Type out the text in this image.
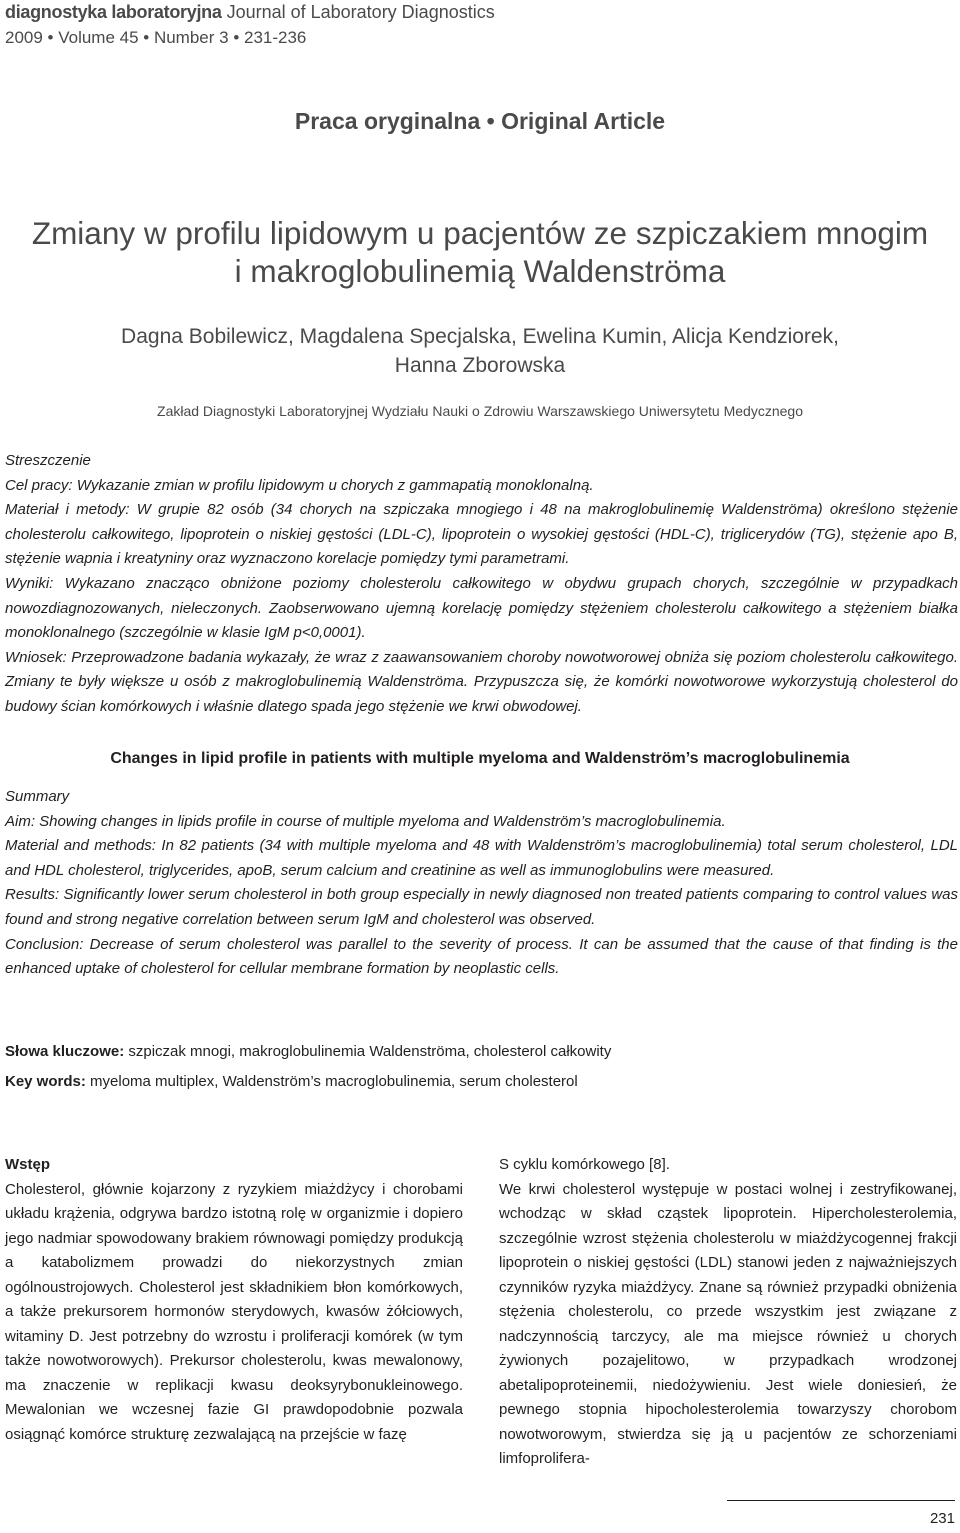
diagnostyka laboratoryjna Journal of Laboratory Diagnostics
2009 • Volume 45 • Number 3 • 231-236
Praca oryginalna • Original Article
Zmiany w profilu lipidowym u pacjentów ze szpiczakiem mnogim
i makroglobulinemią Waldenströma
Dagna Bobilewicz, Magdalena Specjalska, Ewelina Kumin, Alicja Kendziorek,
Hanna Zborowska
Zakład Diagnostyki Laboratoryjnej Wydziału Nauki o Zdrowiu Warszawskiego Uniwersytetu Medycznego

Streszczenie

Cel pracy: Wykazanie zmian w profilu lipidowym u chorych z gammapatią monoklonalną.

Materiał i metody: W grupie 82 osób (34 chorych na szpiczaka mnogiego i 48 na makroglobulinemię Waldenströma) określono stężenie cholesterolu całkowitego, lipoprotein o niskiej gęstości (LDL-C), lipoprotein o wysokiej gęstości (HDL-C), triglicerydów (TG), stężenie apo B, stężenie wapnia i kreatyniny oraz wyznaczono korelacje pomiędzy tymi parametrami.

Wyniki: Wykazano znacząco obniżone poziomy cholesterolu całkowitego w obydwu grupach chorych, szczególnie w przypadkach nowozdiagnozowanych, nieleczonych. Zaobserwowano ujemną korelację pomiędzy stężeniem cholesterolu całkowitego a stężeniem białka monoklonalnego (szczególnie w klasie IgM p<0,0001).

Wniosek: Przeprowadzone badania wykazały, że wraz z zaawansowaniem choroby nowotworowej obniża się poziom cholesterolu całkowitego. Zmiany te były większe u osób z makroglobulinemią Waldenströma. Przypuszcza się, że komórki nowotworowe wykorzystują cholesterol do budowy ścian komórkowych i właśnie dlatego spada jego stężenie we krwi obwodowej.

Changes in lipid profile in patients with multiple myeloma and Waldenström’s macroglobulinemia

Summary

Aim: Showing changes in lipids profile in course of multiple myeloma and Waldenström’s macroglobulinemia.

Material and methods: In 82 patients (34 with multiple myeloma and 48 with Waldenström’s macroglobulinemia) total serum cholesterol, LDL and HDL cholesterol, triglycerides, apoB, serum calcium and creatinine as well as immunoglobulins were measured.

Results: Significantly lower serum cholesterol in both group especially in newly diagnosed non treated patients comparing to control values was found and strong negative correlation between serum IgM and cholesterol was observed.

Conclusion: Decrease of serum cholesterol was parallel to the severity of process. It can be assumed that the cause of that finding is the enhanced uptake of cholesterol for cellular membrane formation by neoplastic cells.

Słowa kluczowe: szpiczak mnogi, makroglobulinemia Waldenströma, cholesterol całkowity
Key words: myeloma multiplex, Waldenström’s macroglobulinemia, serum cholesterol
Wstęp

Cholesterol, głównie kojarzony z ryzykiem miażdżycy i chorobami układu krążenia, odgrywa bardzo istotną rolę w organizmie i dopiero jego nadmiar spowodowany brakiem równowagi pomiędzy produkcją a katabolizmem prowadzi do niekorzystnych zmian ogólnoustrojowych. Cholesterol jest składnikiem błon komórkowych, a także prekursorem hormonów sterydowych, kwasów żółciowych, witaminy D. Jest potrzebny do wzrostu i proliferacji komórek (w tym także nowotworowych). Prekursor cholesterolu, kwas mewalonowy, ma znaczenie w replikacji kwasu deoksyrybonukleinowego. Mewalonian we wczesnej fazie GI prawdopodobnie pozwala osiągnąć komórce strukturę zezwalającą na przejście w fazę

S cyklu komórkowego [8].

We krwi cholesterol występuje w postaci wolnej i zestryfikowanej, wchodząc w skład cząstek lipoprotein. Hipercholesterolemia, szczególnie wzrost stężenia cholesterolu w miażdżycogennej frakcji lipoprotein o niskiej gęstości (LDL) stanowi jeden z najważniejszych czynników ryzyka miażdżycy. Znane są również przypadki obniżenia stężenia cholesterolu, co przede wszystkim jest związane z nadczynnością tarczycy, ale ma miejsce również u chorych żywionych pozajelitowo, w przypadkach wrodzonej abetalipoproteinemii, niedożywieniu. Jest wiele doniesień, że pewnego stopnia hipocholesterolemia towarzyszy chorobom nowotworowym, stwierdza się ją u pacjentów ze schorzeniami limfoprolifera-

231
